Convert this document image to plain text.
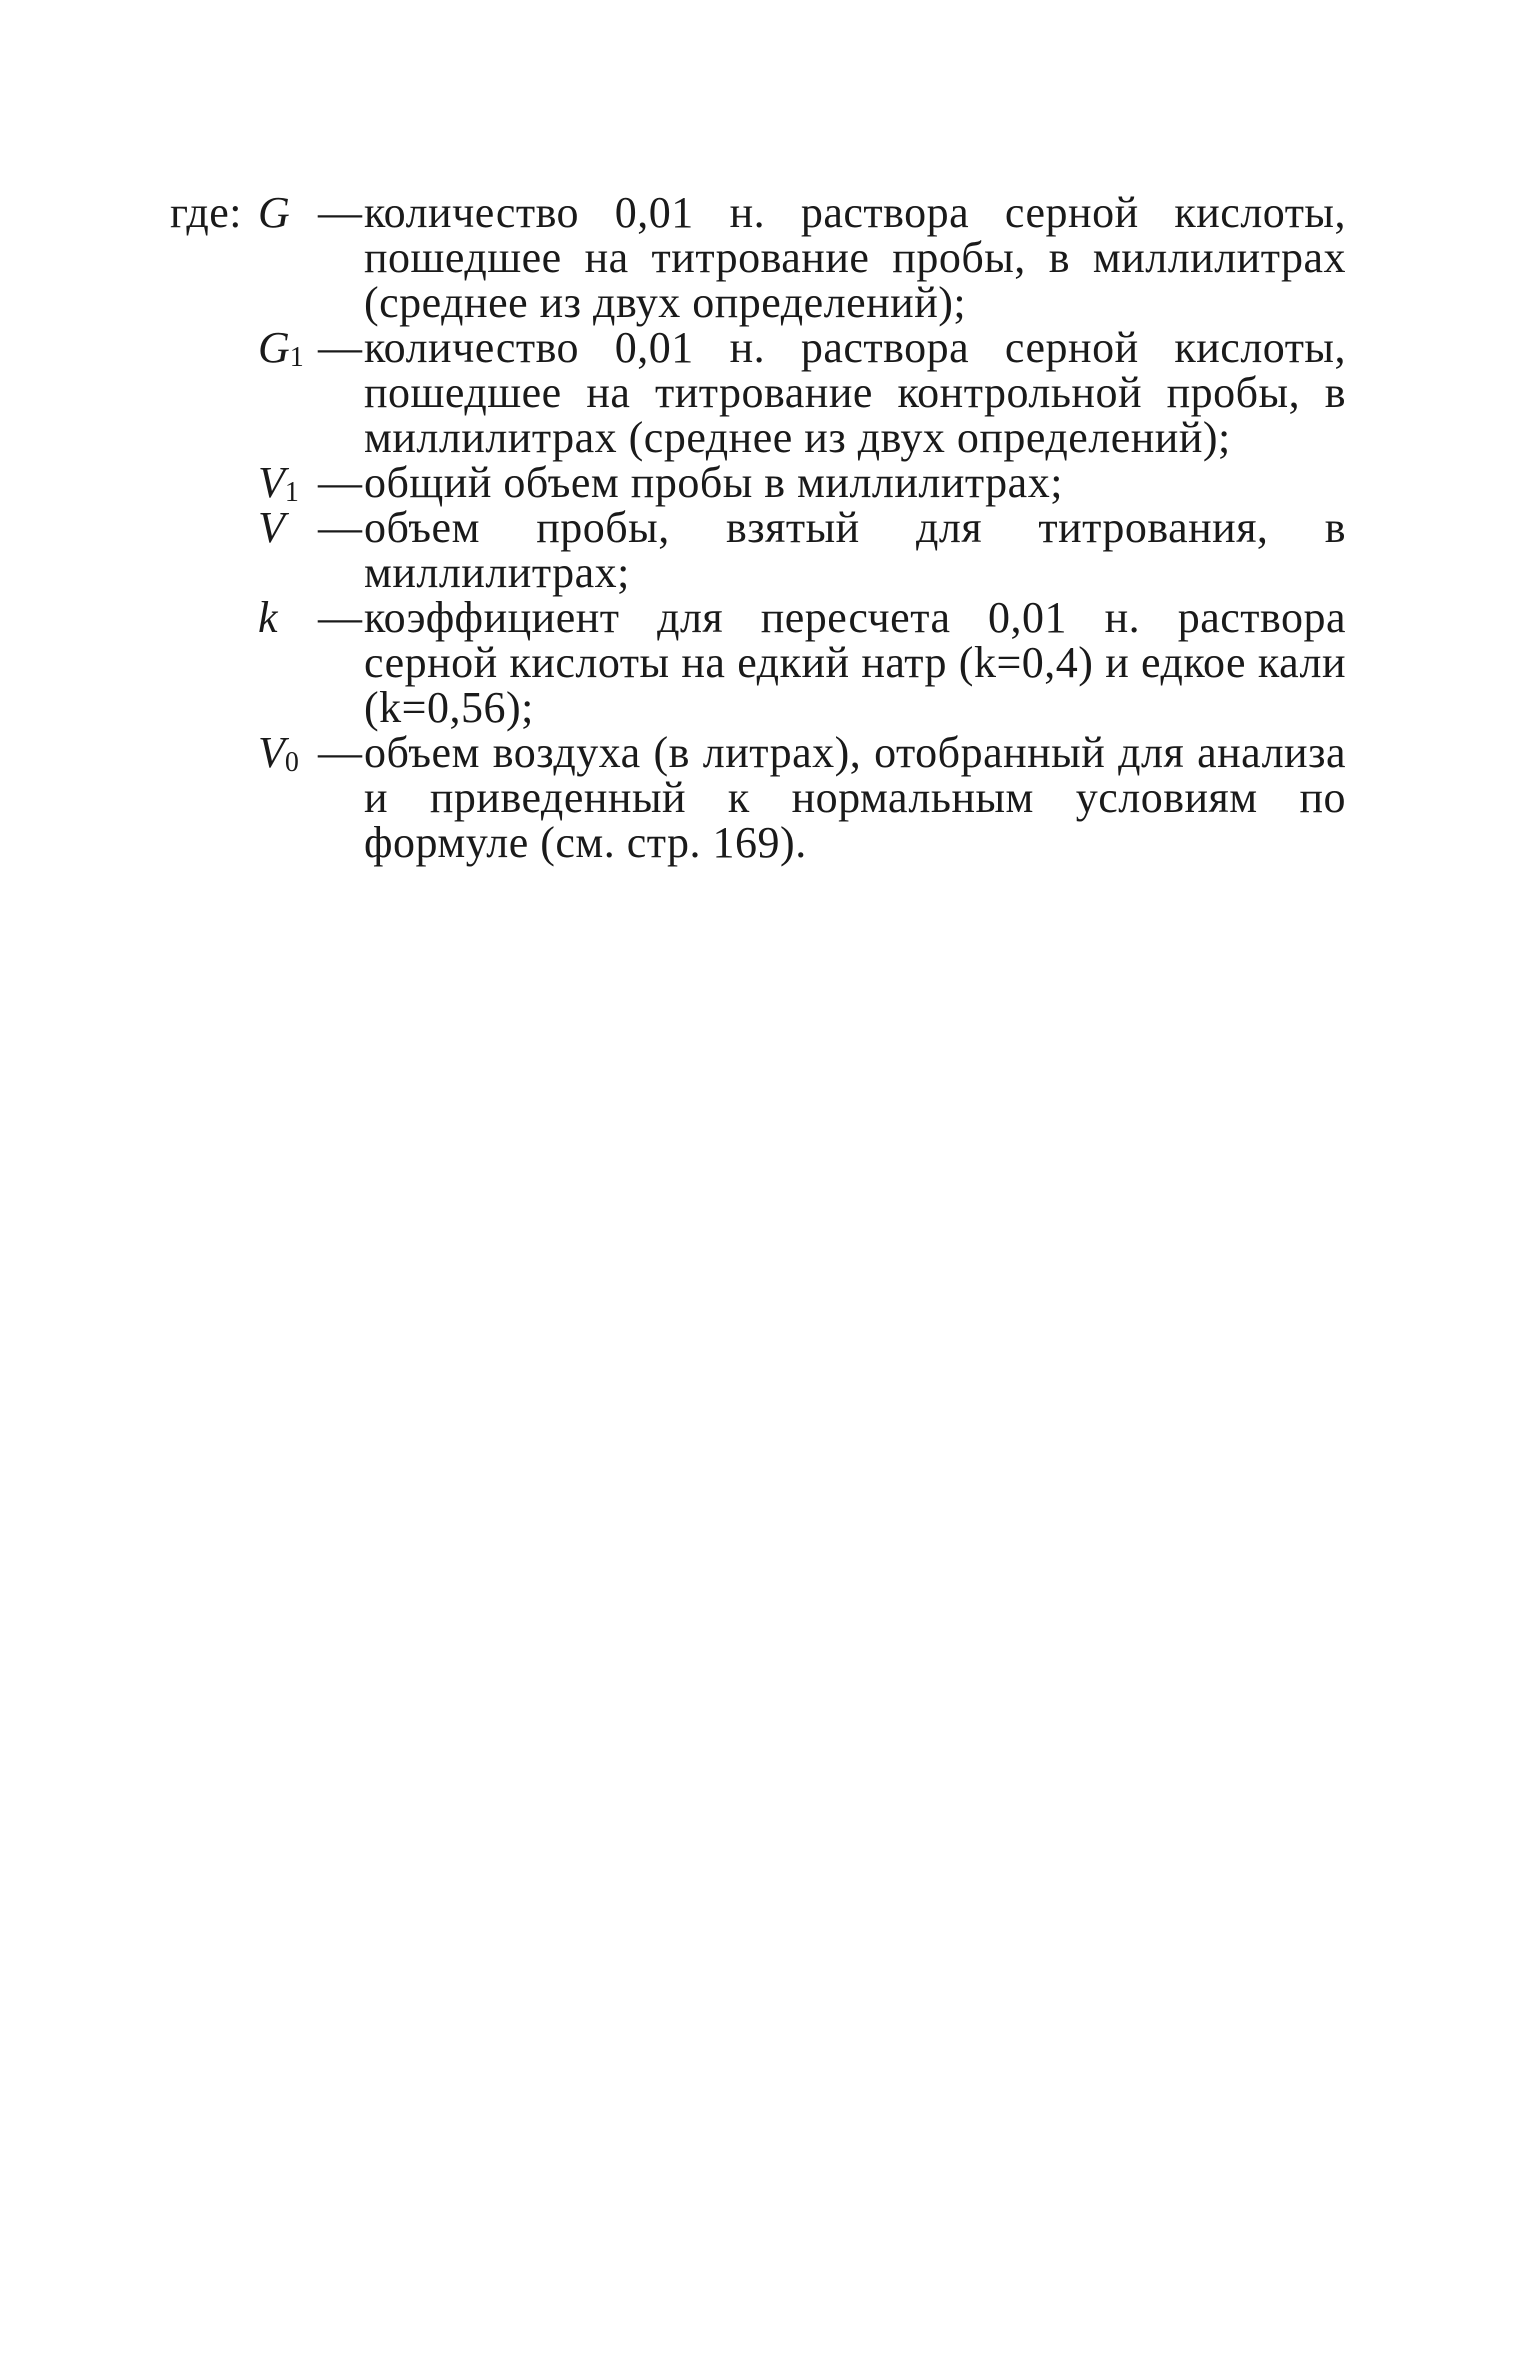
где: G — количество 0,01 н. раствора серной кислоты, пошедшее на титрование пробы, в миллилитрах (среднее из двух определений);
G1 — количество 0,01 н. раствора серной кислоты, пошедшее на титрование контрольной пробы, в миллилитрах (среднее из двух определений);
V1 — общий объем пробы в миллилитрах;
V — объем пробы, взятый для титрования, в миллилитрах;
k — коэффициент для пересчета 0,01 н. раствора серной кислоты на едкий натр (k=0,4) и едкое кали (k=0,56);
V0 — объем воздуха (в литрах), отобранный для анализа и приведенный к нормальным условиям по формуле (см. стр. 169).
